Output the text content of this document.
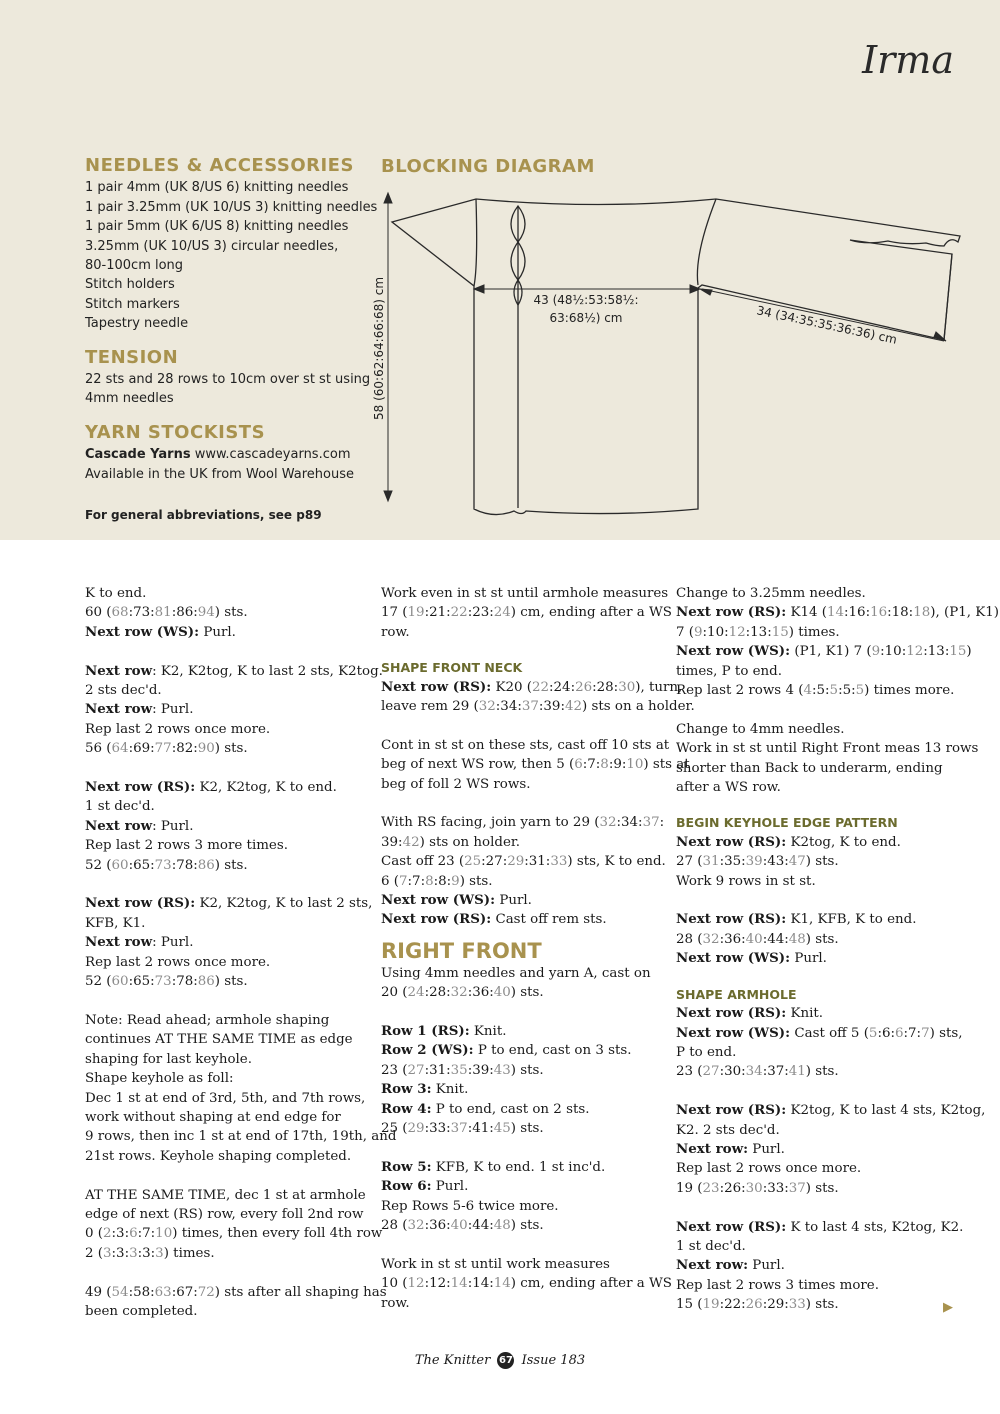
Irma
NEEDLES & ACCESSORIES
1 pair 4mm (UK 8/US 6) knitting needles
1 pair 3.25mm (UK 10/US 3) knitting needles
1 pair 5mm (UK 6/US 8) knitting needles
3.25mm (UK 10/US 3) circular needles,
80-100cm long
Stitch holders
Stitch markers
Tapestry needle
TENSION
22 sts and 28 rows to 10cm over st st using
4mm needles
YARN STOCKISTS
Cascade Yarns www.cascadeyarns.com
Available in the UK from Wool Warehouse
For general abbreviations, see p89
BLOCKING DIAGRAM
58 (60:62:64:66:68) cm	43 (48½:53:58½:
63:68½) cm	34 (34:35:35:36:36) cm
K to end.
60 (68:73:81:86:94) sts.
Next row (WS): Purl.
Next row: K2, K2tog, K to last 2 sts, K2tog.
2 sts dec'd.
Next row: Purl.
Rep last 2 rows once more.
56 (64:69:77:82:90) sts.
Next row (RS): K2, K2tog, K to end.
1 st dec'd.
Next row: Purl.
Rep last 2 rows 3 more times.
52 (60:65:73:78:86) sts.
Next row (RS): K2, K2tog, K to last 2 sts,
KFB, K1.
Next row: Purl.
Rep last 2 rows once more.
52 (60:65:73:78:86) sts.
Note: Read ahead; armhole shaping
continues AT THE SAME TIME as edge
shaping for last keyhole.
Shape keyhole as foll:
Dec 1 st at end of 3rd, 5th, and 7th rows,
work without shaping at end edge for
9 rows, then inc 1 st at end of 17th, 19th, and
21st rows. Keyhole shaping completed.
AT THE SAME TIME, dec 1 st at armhole
edge of next (RS) row, every foll 2nd row
0 (2:3:6:7:10) times, then every foll 4th row
2 (3:3:3:3:3) times.
49 (54:58:63:67:72) sts after all shaping has
been completed.
Work even in st st until armhole measures
17 (19:21:22:23:24) cm, ending after a WS
row.
SHAPE FRONT NECK
Next row (RS): K20 (22:24:26:28:30), turn,
leave rem 29 (32:34:37:39:42) sts on a holder.
Cont in st st on these sts, cast off 10 sts at
beg of next WS row, then 5 (6:7:8:9:10) sts at
beg of foll 2 WS rows.
With RS facing, join yarn to 29 (32:34:37:
39:42) sts on holder.
Cast off 23 (25:27:29:31:33) sts, K to end.
6 (7:7:8:8:9) sts.
Next row (WS): Purl.
Next row (RS): Cast off rem sts.
RIGHT FRONT
Using 4mm needles and yarn A, cast on
20 (24:28:32:36:40) sts.
Row 1 (RS): Knit.
Row 2 (WS): P to end, cast on 3 sts.
23 (27:31:35:39:43) sts.
Row 3: Knit.
Row 4: P to end, cast on 2 sts.
25 (29:33:37:41:45) sts.
Row 5: KFB, K to end. 1 st inc'd.
Row 6: Purl.
Rep Rows 5-6 twice more.
28 (32:36:40:44:48) sts.
Work in st st until work measures
10 (12:12:14:14:14) cm, ending after a WS
row.
Change to 3.25mm needles.
Next row (RS): K14 (14:16:16:18:18), (P1, K1)
7 (9:10:12:13:15) times.
Next row (WS): (P1, K1) 7 (9:10:12:13:15)
times, P to end.
Rep last 2 rows 4 (4:5:5:5:5) times more.
Change to 4mm needles.
Work in st st until Right Front meas 13 rows
shorter than Back to underarm, ending
after a WS row.
BEGIN KEYHOLE EDGE PATTERN
Next row (RS): K2tog, K to end.
27 (31:35:39:43:47) sts.
Work 9 rows in st st.
Next row (RS): K1, KFB, K to end.
28 (32:36:40:44:48) sts.
Next row (WS): Purl.
SHAPE ARMHOLE
Next row (RS): Knit.
Next row (WS): Cast off 5 (5:6:6:7:7) sts,
P to end.
23 (27:30:34:37:41) sts.
Next row (RS): K2tog, K to last 4 sts, K2tog,
K2. 2 sts dec'd.
Next row: Purl.
Rep last 2 rows once more.
19 (23:26:30:33:37) sts.
Next row (RS): K to last 4 sts, K2tog, K2.
1 st dec'd.
Next row: Purl.
Rep last 2 rows 3 times more.
15 (19:22:26:29:33) sts.	▶
The Knitter 67 Issue 183
